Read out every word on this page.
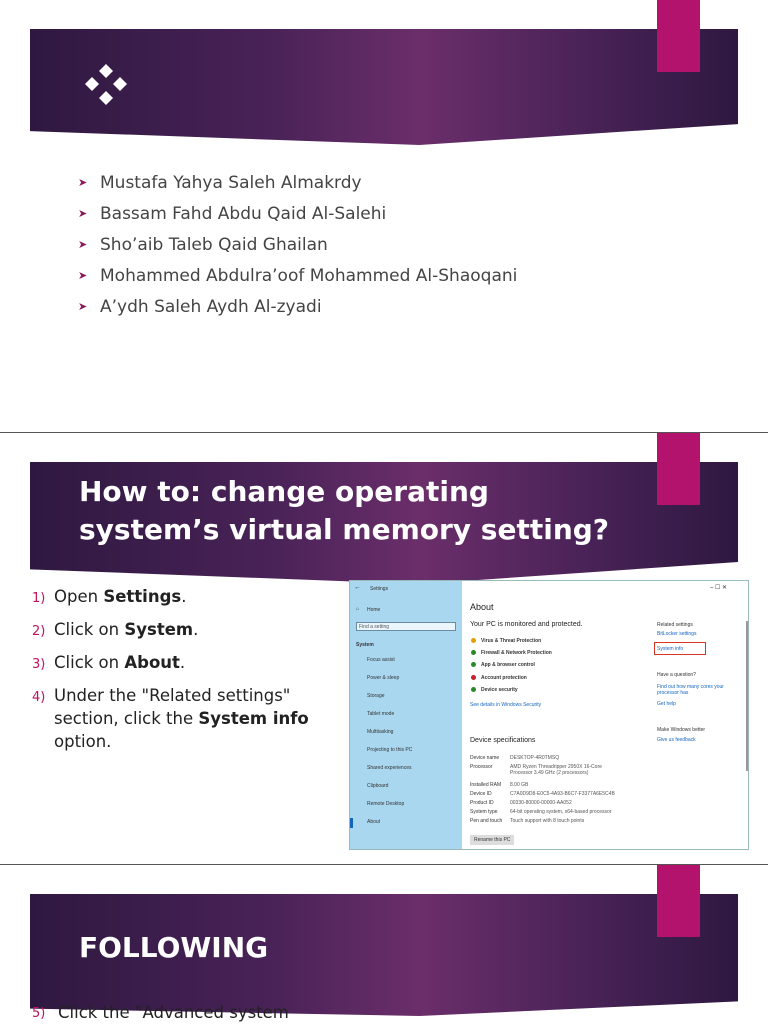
➤ Mustafa Yahya Saleh Almakrdy
➤ Bassam Fahd Abdu Qaid Al-Salehi
➤ Sho’aib Taleb Qaid Ghailan
➤ Mohammed Abdulra’oof Mohammed Al-Shaoqani
➤ A’ydh Saleh Aydh Al-zyadi
How to: change operating
system’s virtual memory setting?
1) Open Settings.
2) Click on System.
3) Click on About.
4) Under the "Related settings" section, click the System info option.
← Settings	– ☐ ✕
⌂ Home
Find a setting
System
Focus assist
Power & sleep
Storage
Tablet mode
Multitasking
Projecting to this PC
Shared experiences
Clipboard
Remote Desktop
About
About
Your PC is monitored and protected.
Virus & Threat Protection
Firewall & Network Protection
App & browser control
Account protection
Device security
See details in Windows Security
Device specifications
Device name DESKTOP-4R0TMSQ
Processor	AMD Ryzen Threadripper 2950X 16-Core Processor 3.49 GHz (2 processors)
Installed RAM 8.00 GB
Device ID	C7A0D9D8-E0C5-4A93-B6C7-F3377A6E5C4B
Product ID	00330-80000-00000-AA052
System type 64-bit operating system, x64-based processor
Pen and touch Touch support with 8 touch points
Rename this PC
Related settings
BitLocker settings
System info
Have a question?
Find out how many cores your processor has
Get help
Make Windows better
Give us feedback
FOLLOWING
5) Click the "Advanced system
